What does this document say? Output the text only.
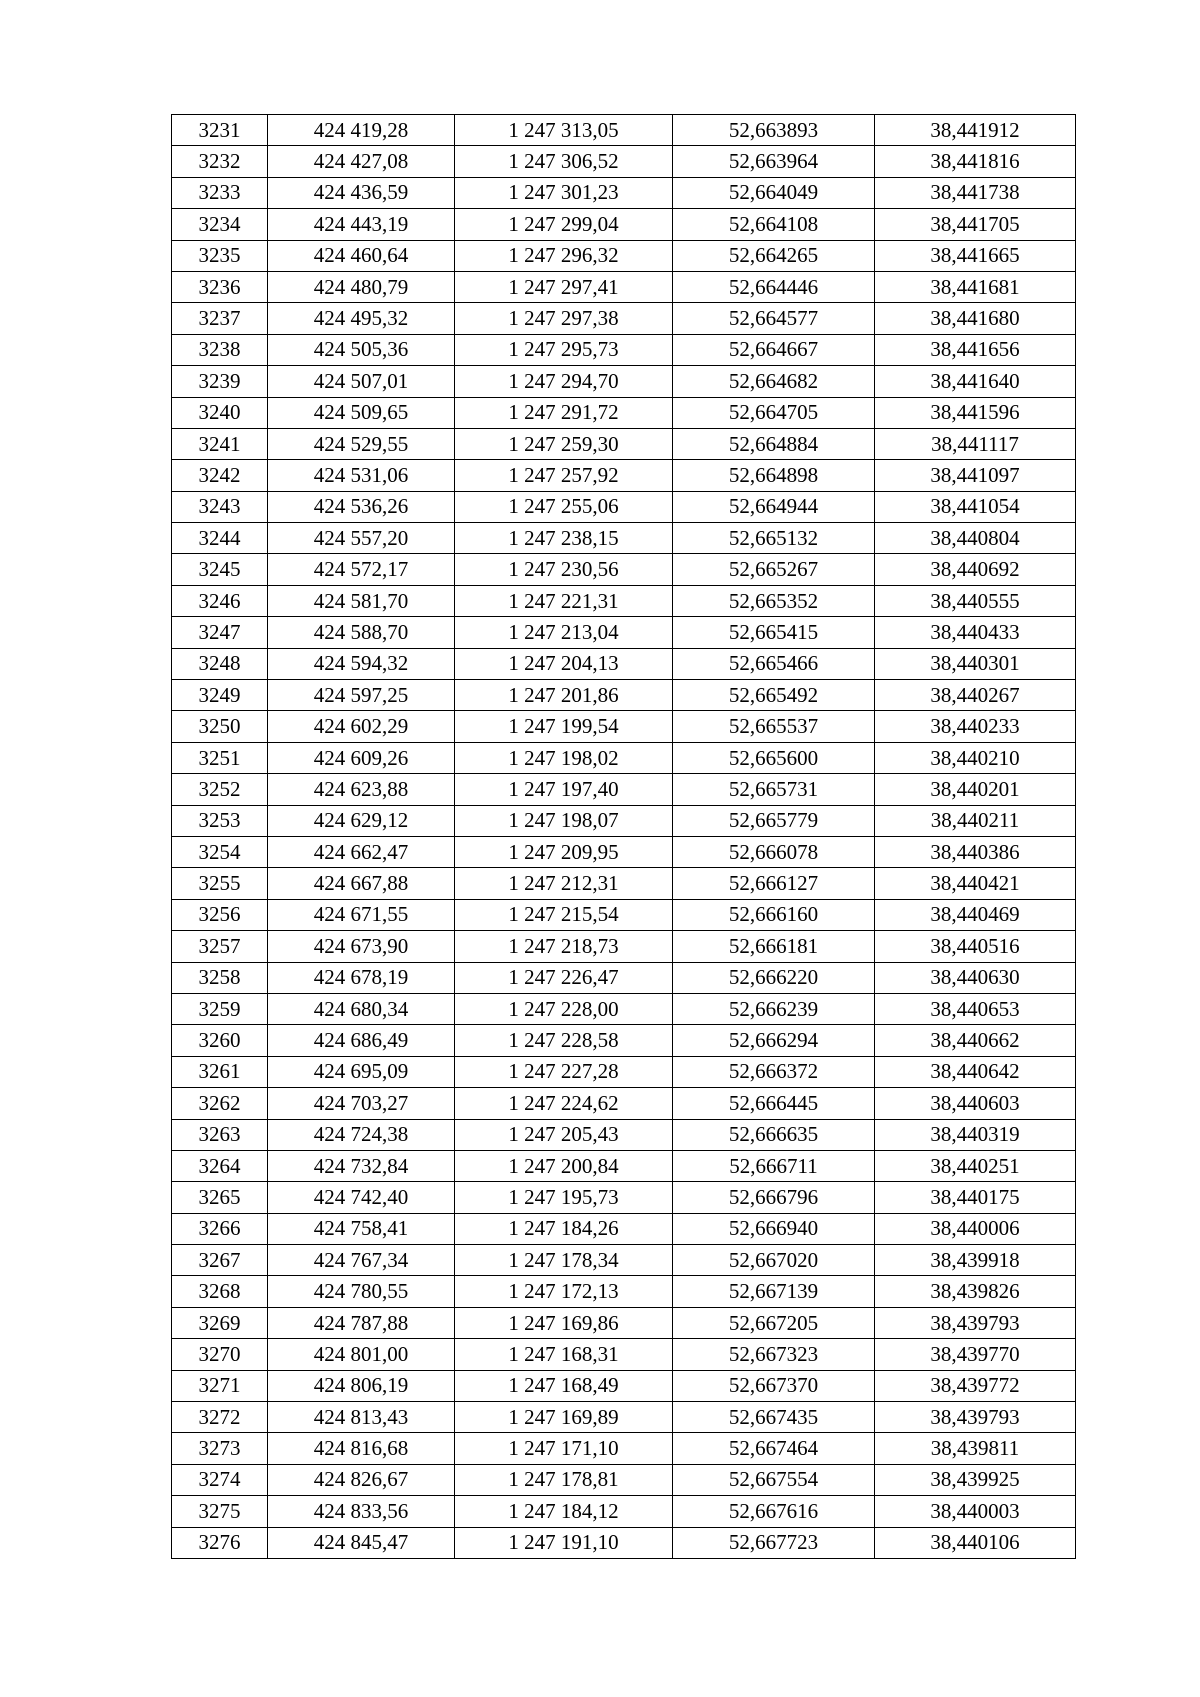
3231	424 419,28	1 247 313,05	52,663893	38,441912
3232	424 427,08	1 247 306,52	52,663964	38,441816
3233	424 436,59	1 247 301,23	52,664049	38,441738
3234	424 443,19	1 247 299,04	52,664108	38,441705
3235	424 460,64	1 247 296,32	52,664265	38,441665
3236	424 480,79	1 247 297,41	52,664446	38,441681
3237	424 495,32	1 247 297,38	52,664577	38,441680
3238	424 505,36	1 247 295,73	52,664667	38,441656
3239	424 507,01	1 247 294,70	52,664682	38,441640
3240	424 509,65	1 247 291,72	52,664705	38,441596
3241	424 529,55	1 247 259,30	52,664884	38,441117
3242	424 531,06	1 247 257,92	52,664898	38,441097
3243	424 536,26	1 247 255,06	52,664944	38,441054
3244	424 557,20	1 247 238,15	52,665132	38,440804
3245	424 572,17	1 247 230,56	52,665267	38,440692
3246	424 581,70	1 247 221,31	52,665352	38,440555
3247	424 588,70	1 247 213,04	52,665415	38,440433
3248	424 594,32	1 247 204,13	52,665466	38,440301
3249	424 597,25	1 247 201,86	52,665492	38,440267
3250	424 602,29	1 247 199,54	52,665537	38,440233
3251	424 609,26	1 247 198,02	52,665600	38,440210
3252	424 623,88	1 247 197,40	52,665731	38,440201
3253	424 629,12	1 247 198,07	52,665779	38,440211
3254	424 662,47	1 247 209,95	52,666078	38,440386
3255	424 667,88	1 247 212,31	52,666127	38,440421
3256	424 671,55	1 247 215,54	52,666160	38,440469
3257	424 673,90	1 247 218,73	52,666181	38,440516
3258	424 678,19	1 247 226,47	52,666220	38,440630
3259	424 680,34	1 247 228,00	52,666239	38,440653
3260	424 686,49	1 247 228,58	52,666294	38,440662
3261	424 695,09	1 247 227,28	52,666372	38,440642
3262	424 703,27	1 247 224,62	52,666445	38,440603
3263	424 724,38	1 247 205,43	52,666635	38,440319
3264	424 732,84	1 247 200,84	52,666711	38,440251
3265	424 742,40	1 247 195,73	52,666796	38,440175
3266	424 758,41	1 247 184,26	52,666940	38,440006
3267	424 767,34	1 247 178,34	52,667020	38,439918
3268	424 780,55	1 247 172,13	52,667139	38,439826
3269	424 787,88	1 247 169,86	52,667205	38,439793
3270	424 801,00	1 247 168,31	52,667323	38,439770
3271	424 806,19	1 247 168,49	52,667370	38,439772
3272	424 813,43	1 247 169,89	52,667435	38,439793
3273	424 816,68	1 247 171,10	52,667464	38,439811
3274	424 826,67	1 247 178,81	52,667554	38,439925
3275	424 833,56	1 247 184,12	52,667616	38,440003
3276	424 845,47	1 247 191,10	52,667723	38,440106
